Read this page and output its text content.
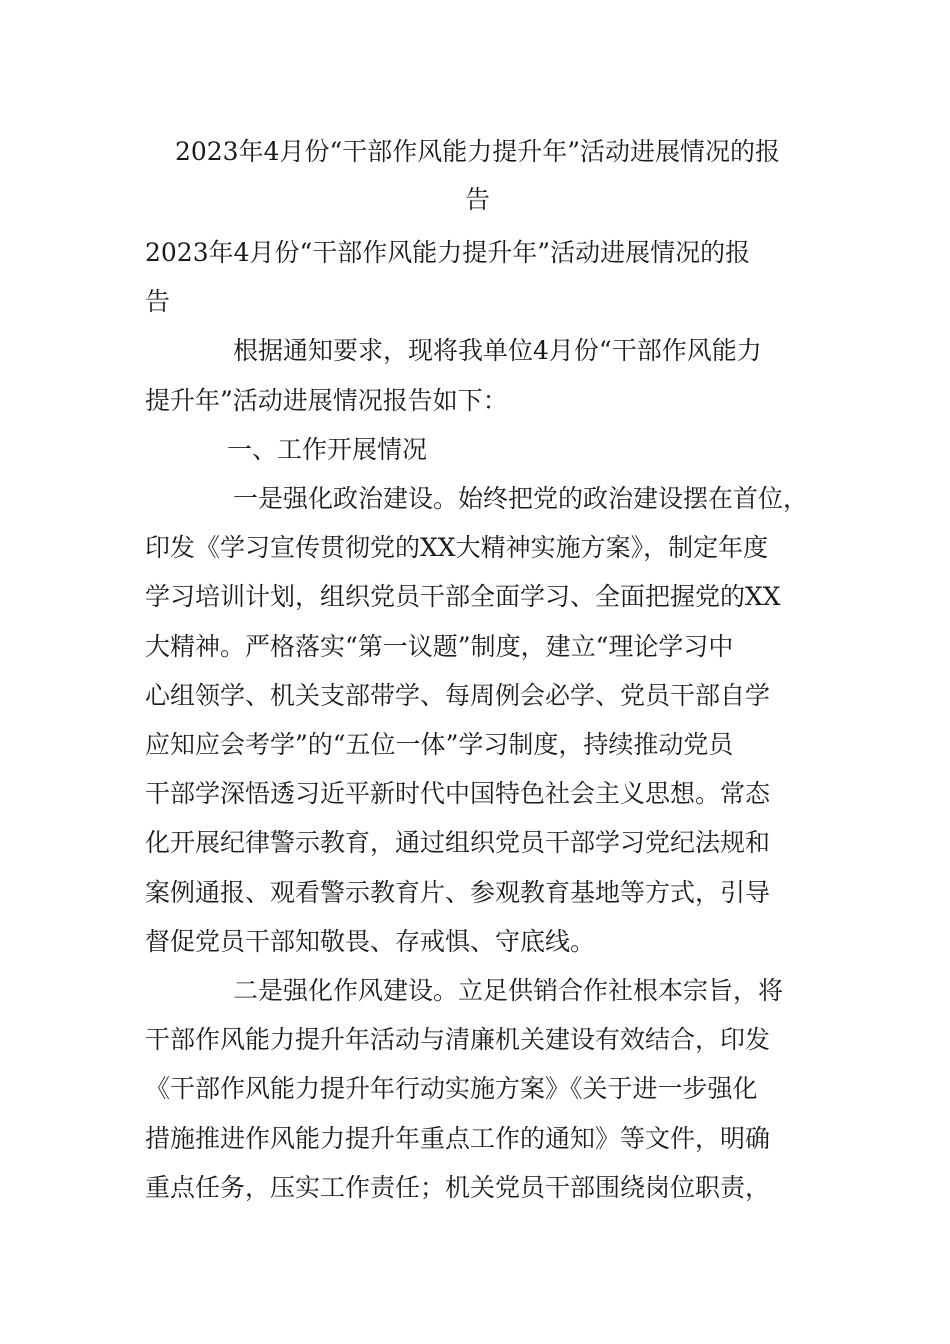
2023年4月份“干部作风能力提升年”活动进展情况的报
告

2023年4月份“干部作风能力提升年”活动进展情况的报
告

根据通知要求，现将我单位4月份“干部作风能力
提升年”活动进展情况报告如下：

一、工作开展情况

一是强化政治建设。始终把党的政治建设摆在首位，
印发《学习宣传贯彻党的XX大精神实施方案》，制定年度
学习培训计划，组织党员干部全面学习、全面把握党的XX
大精神。严格落实“第一议题”制度，建立“理论学习中
心组领学、机关支部带学、每周例会必学、党员干部自学
应知应会考学”的“五位一体”学习制度，持续推动党员
干部学深悟透习近平新时代中国特色社会主义思想。常态
化开展纪律警示教育，通过组织党员干部学习党纪法规和
案例通报、观看警示教育片、参观教育基地等方式，引导
督促党员干部知敬畏、存戒惧、守底线。

二是强化作风建设。立足供销合作社根本宗旨，将
干部作风能力提升年活动与清廉机关建设有效结合，印发
《干部作风能力提升年行动实施方案》《关于进一步强化
措施推进作风能力提升年重点工作的通知》等文件，明确
重点任务，压实工作责任；机关党员干部围绕岗位职责，
